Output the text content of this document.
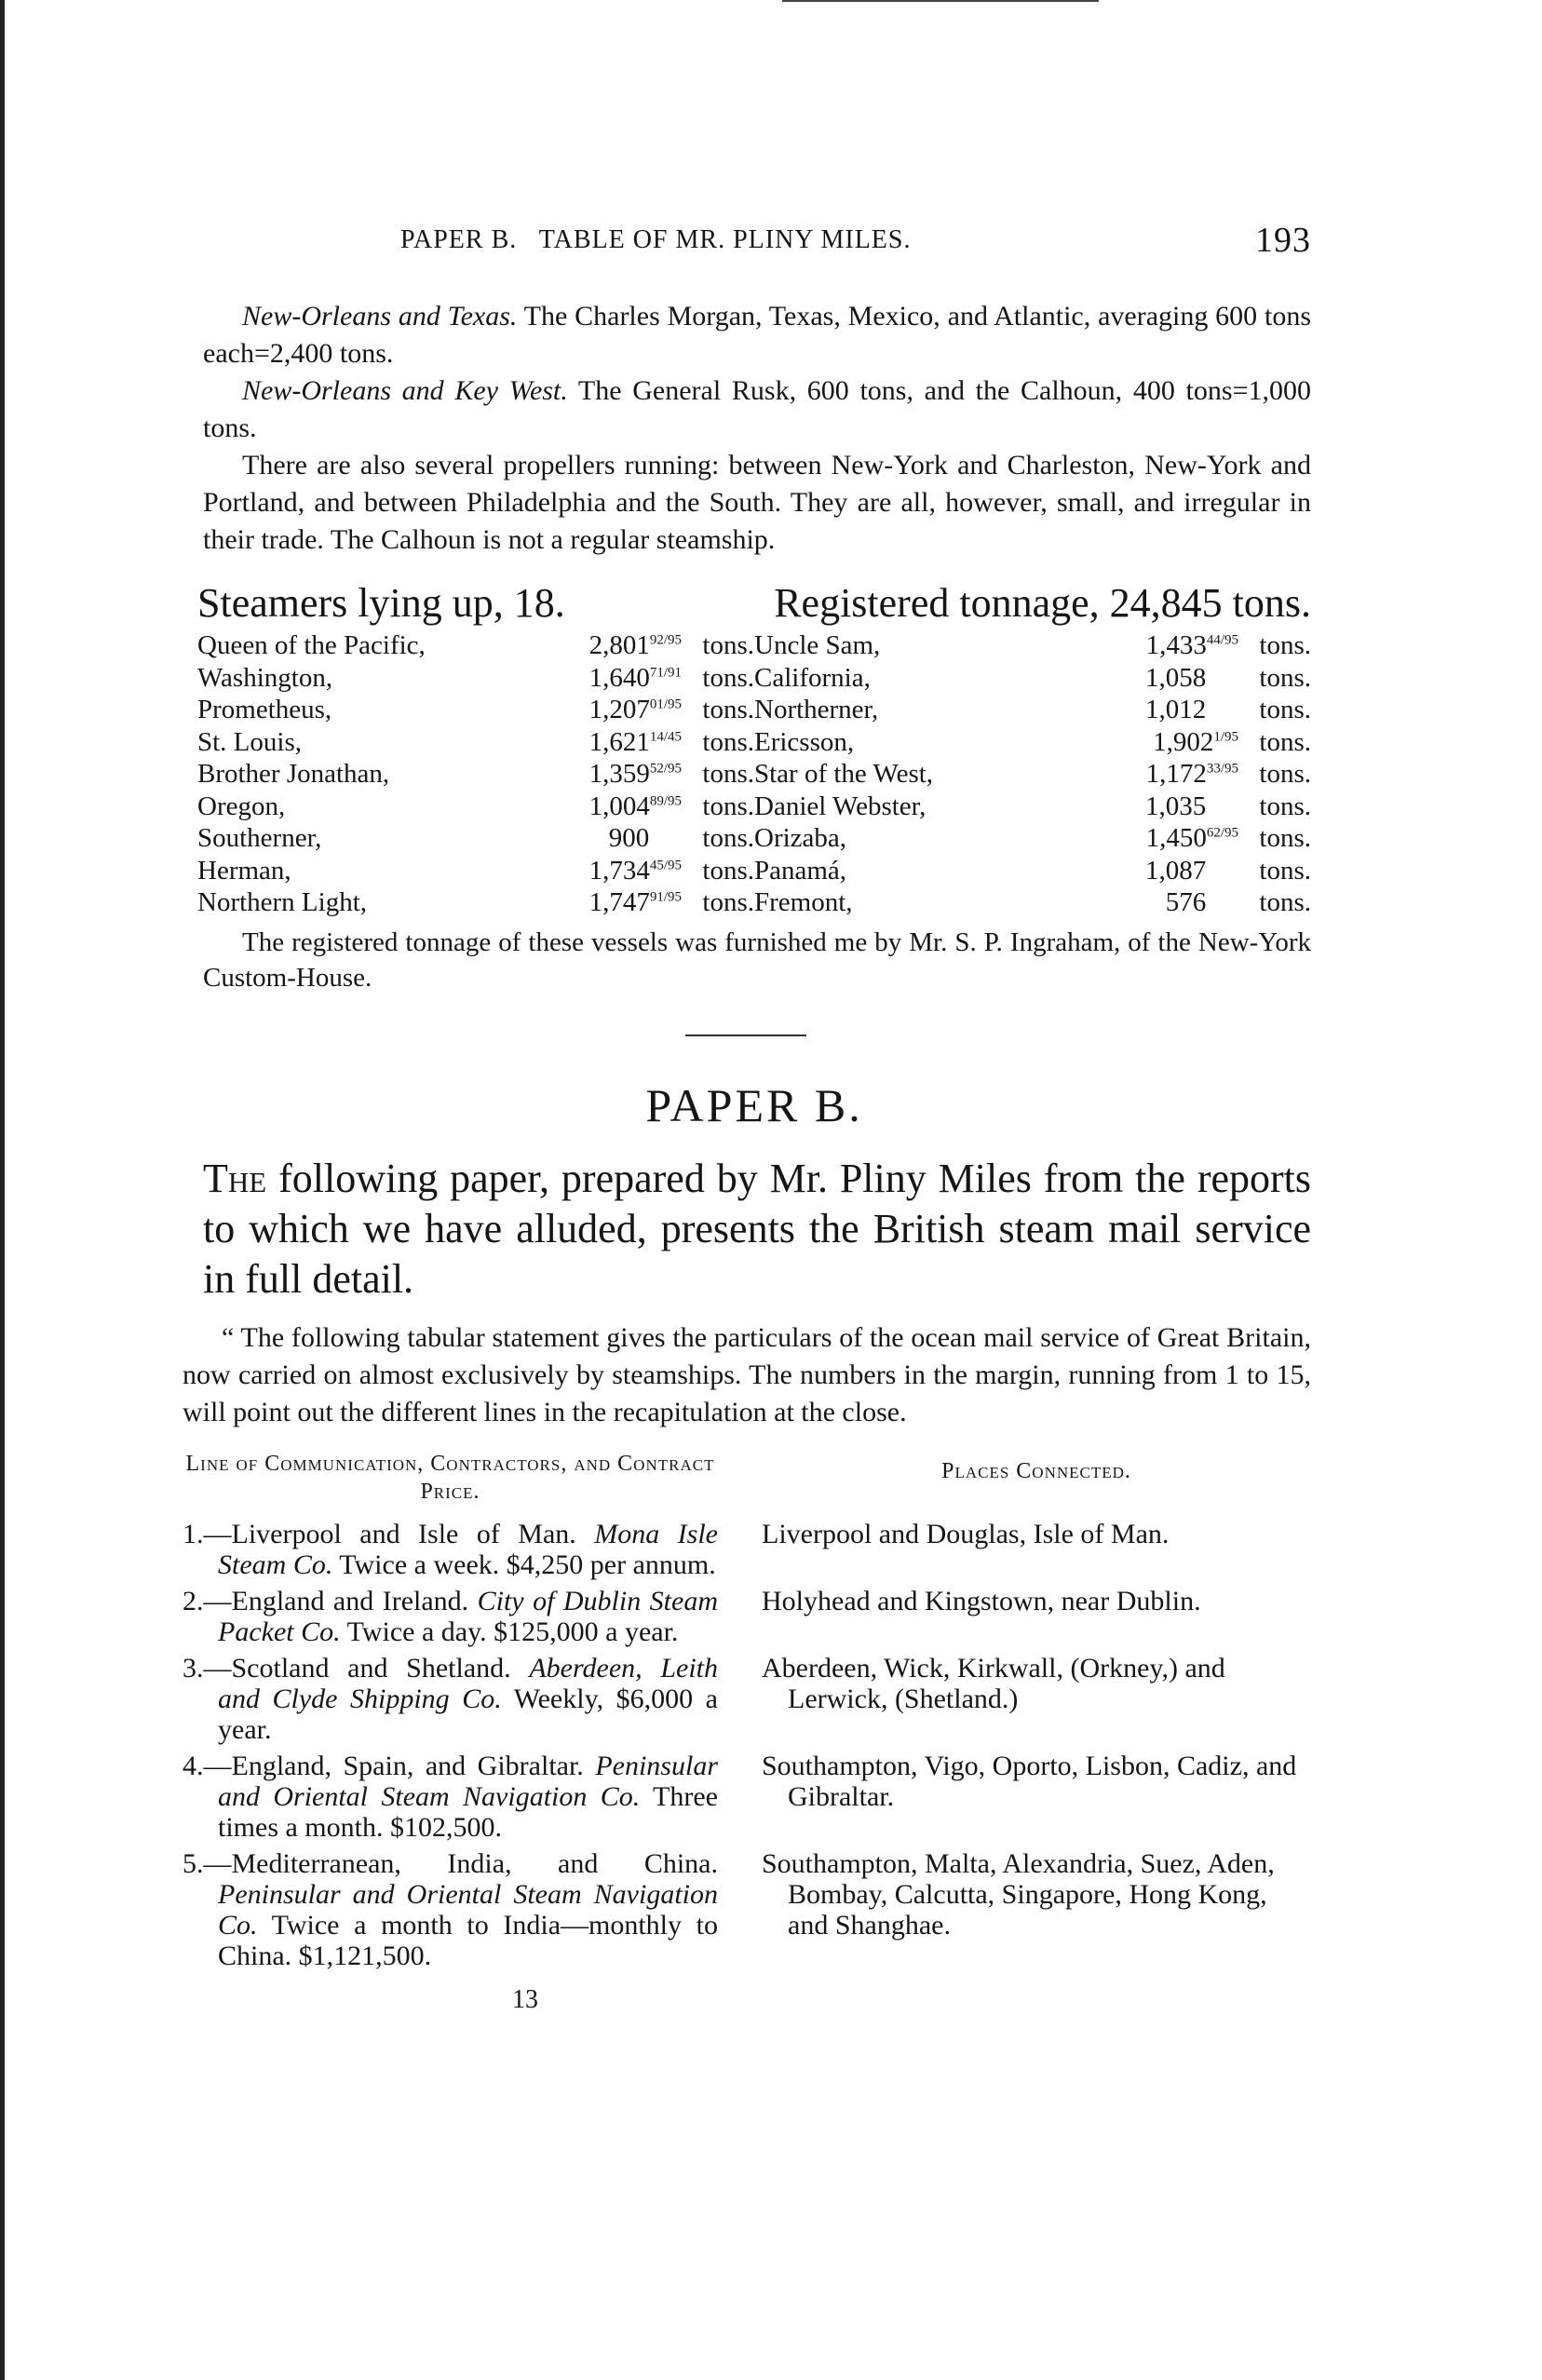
PAPER B.   TABLE OF MR. PLINY MILES.	193

New-Orleans and Texas. The Charles Morgan, Texas, Mexico, and Atlantic, averaging 600 tons each=2,400 tons.

New-Orleans and Key West. The General Rusk, 600 tons, and the Calhoun, 400 tons=1,000 tons.

There are also several propellers running: between New-York and Charleston, New-York and Portland, and between Philadelphia and the South. They are all, however, small, and irregular in their trade. The Calhoun is not a regular steamship.

Steamers lying up, 18.	Registered tonnage, 24,845 tons.
Queen of the Pacific,	$2,801^{92/95}$ tons. Uncle Sam,	$1,433^{44/95}$ tons.
Washington,	$1,640^{71/91}$ tons. California,	1,058	tons.
Prometheus,	$1,207^{01/95}$ tons. Northerner,	1,012	tons.
St. Louis,	$1,621^{14/45}$ tons. Ericsson,	$1,902^{1/95}$ tons.
Brother Jonathan,	$1,359^{52/95}$ tons. Star of the West,	$1,172^{33/95}$ tons.
Oregon,	$1,004^{89/95}$ tons. Daniel Webster,	1,035	tons.
Southerner,	900	tons. Orizaba,	$1,450^{62/95}$ tons.
Herman,	$1,734^{45/95}$ tons. Panamá,	1,087	tons.
Northern Light,	$1,747^{91/95}$ tons. Fremont,	576	tons.

The registered tonnage of these vessels was furnished me by Mr. S. P. Ingraham, of the New-York Custom-House.

PAPER B.
The following paper, prepared by Mr. Pliny Miles from the reports to which we have alluded, presents the British steam mail service in full detail.
“ The following tabular statement gives the particulars of the ocean mail service of Great Britain, now carried on almost exclusively by steamships. The numbers in the margin, running from 1 to 15, will point out the different lines in the recapitulation at the close.
Line of Communication, Contractors, and Contract Price.
Places Connected.
1.—Liverpool and Isle of Man. Mona Isle Steam Co. Twice a week. $4,250 per annum.
Liverpool and Douglas, Isle of Man.
2.—England and Ireland. City of Dublin Steam Packet Co. Twice a day. $125,000 a year.
Holyhead and Kingstown, near Dublin.
3.—Scotland and Shetland. Aberdeen, Leith and Clyde Shipping Co. Weekly, $6,000 a year.
Aberdeen, Wick, Kirkwall, (Orkney,) and Lerwick, (Shetland.)
4.—England, Spain, and Gibraltar. Peninsular and Oriental Steam Navigation Co. Three times a month. $102,500.
Southampton, Vigo, Oporto, Lisbon, Cadiz, and Gibraltar.
5.—Mediterranean, India, and China. Peninsular and Oriental Steam Navigation Co. Twice a month to India—monthly to China. $1,121,500.
Southampton, Malta, Alexandria, Suez, Aden, Bombay, Calcutta, Singapore, Hong Kong, and Shanghae.
13
